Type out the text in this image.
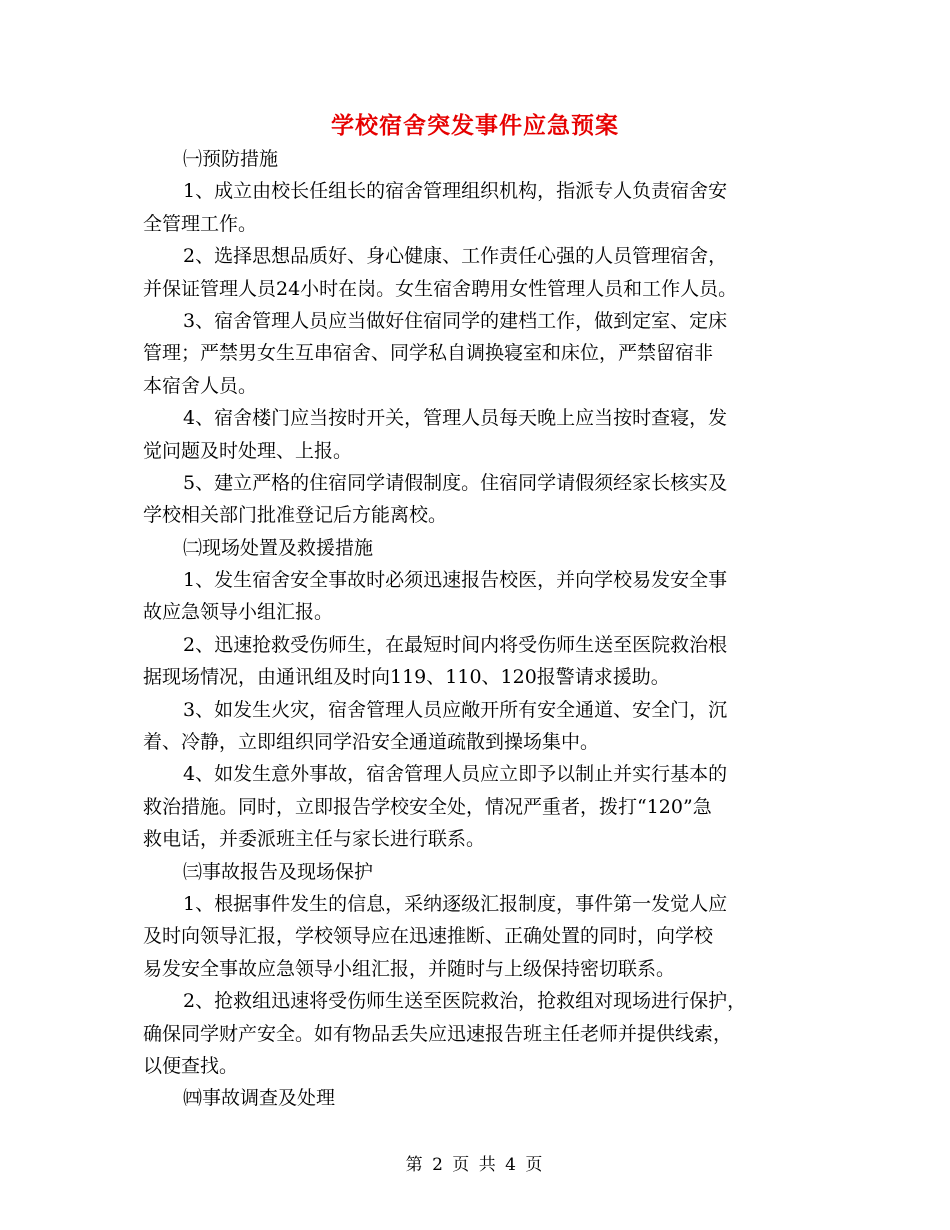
学校宿舍突发事件应急预案
㈠预防措施
1、成立由校长任组长的宿舍管理组织机构，指派专人负责宿舍安
全管理工作。
2、选择思想品质好、身心健康、工作责任心强的人员管理宿舍，
并保证管理人员24小时在岗。女生宿舍聘用女性管理人员和工作人员。
3、宿舍管理人员应当做好住宿同学的建档工作，做到定室、定床
管理；严禁男女生互串宿舍、同学私自调换寝室和床位，严禁留宿非
本宿舍人员。
4、宿舍楼门应当按时开关，管理人员每天晚上应当按时查寝，发
觉问题及时处理、上报。
5、建立严格的住宿同学请假制度。住宿同学请假须经家长核实及
学校相关部门批准登记后方能离校。
㈡现场处置及救援措施
1、发生宿舍安全事故时必须迅速报告校医，并向学校易发安全事
故应急领导小组汇报。
2、迅速抢救受伤师生，在最短时间内将受伤师生送至医院救治根
据现场情况，由通讯组及时向119、110、120报警请求援助。
3、如发生火灾，宿舍管理人员应敞开所有安全通道、安全门，沉
着、冷静，立即组织同学沿安全通道疏散到操场集中。
4、如发生意外事故，宿舍管理人员应立即予以制止并实行基本的
救治措施。同时，立即报告学校安全处，情况严重者，拨打“120”急
救电话，并委派班主任与家长进行联系。
㈢事故报告及现场保护
1、根据事件发生的信息，采纳逐级汇报制度，事件第一发觉人应
及时向领导汇报，学校领导应在迅速推断、正确处置的同时，向学校
易发安全事故应急领导小组汇报，并随时与上级保持密切联系。
2、抢救组迅速将受伤师生送至医院救治，抢救组对现场进行保护，
确保同学财产安全。如有物品丢失应迅速报告班主任老师并提供线索，
以便查找。
㈣事故调查及处理
第 2 页 共 4 页
